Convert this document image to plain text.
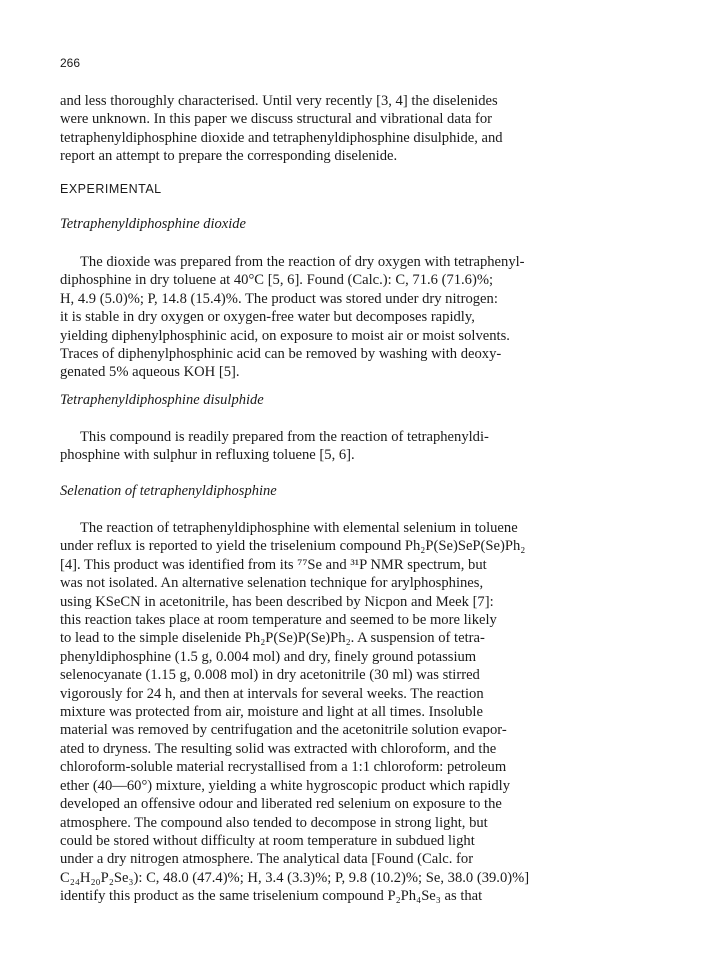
266
and less thoroughly characterised. Until very recently [3, 4] the diselenides
were unknown. In this paper we discuss structural and vibrational data for
tetraphenyldiphosphine dioxide and tetraphenyldiphosphine disulphide, and
report an attempt to prepare the corresponding diselenide.
EXPERIMENTAL
Tetraphenyldiphosphine dioxide
The dioxide was prepared from the reaction of dry oxygen with tetraphenyl-
diphosphine in dry toluene at 40°C [5, 6]. Found (Calc.): C, 71.6 (71.6)%;
H, 4.9 (5.0)%; P, 14.8 (15.4)%. The product was stored under dry nitrogen:
it is stable in dry oxygen or oxygen-free water but decomposes rapidly,
yielding diphenylphosphinic acid, on exposure to moist air or moist solvents.
Traces of diphenylphosphinic acid can be removed by washing with deoxy-
genated 5% aqueous KOH [5].
Tetraphenyldiphosphine disulphide
This compound is readily prepared from the reaction of tetraphenyldi-
phosphine with sulphur in refluxing toluene [5, 6].
Selenation of tetraphenyldiphosphine
The reaction of tetraphenyldiphosphine with elemental selenium in toluene
under reflux is reported to yield the triselenium compound Ph₂P(Se)SeP(Se)Ph₂
[4]. This product was identified from its ⁷⁷Se and ³¹P NMR spectrum, but
was not isolated. An alternative selenation technique for arylphosphines,
using KSeCN in acetonitrile, has been described by Nicpon and Meek [7]:
this reaction takes place at room temperature and seemed to be more likely
to lead to the simple diselenide Ph₂P(Se)P(Se)Ph₂. A suspension of tetra-
phenyldiphosphine (1.5 g, 0.004 mol) and dry, finely ground potassium
selenocyanate (1.15 g, 0.008 mol) in dry acetonitrile (30 ml) was stirred
vigorously for 24 h, and then at intervals for several weeks. The reaction
mixture was protected from air, moisture and light at all times. Insoluble
material was removed by centrifugation and the acetonitrile solution evapor-
ated to dryness. The resulting solid was extracted with chloroform, and the
chloroform-soluble material recrystallised from a 1:1 chloroform: petroleum
ether (40—60°) mixture, yielding a white hygroscopic product which rapidly
developed an offensive odour and liberated red selenium on exposure to the
atmosphere. The compound also tended to decompose in strong light, but
could be stored without difficulty at room temperature in subdued light
under a dry nitrogen atmosphere. The analytical data [Found (Calc. for
C₂₄H₂₀P₂Se₃): C, 48.0 (47.4)%; H, 3.4 (3.3)%; P, 9.8 (10.2)%; Se, 38.0 (39.0)%]
identify this product as the same triselenium compound P₂Ph₄Se₃ as that
